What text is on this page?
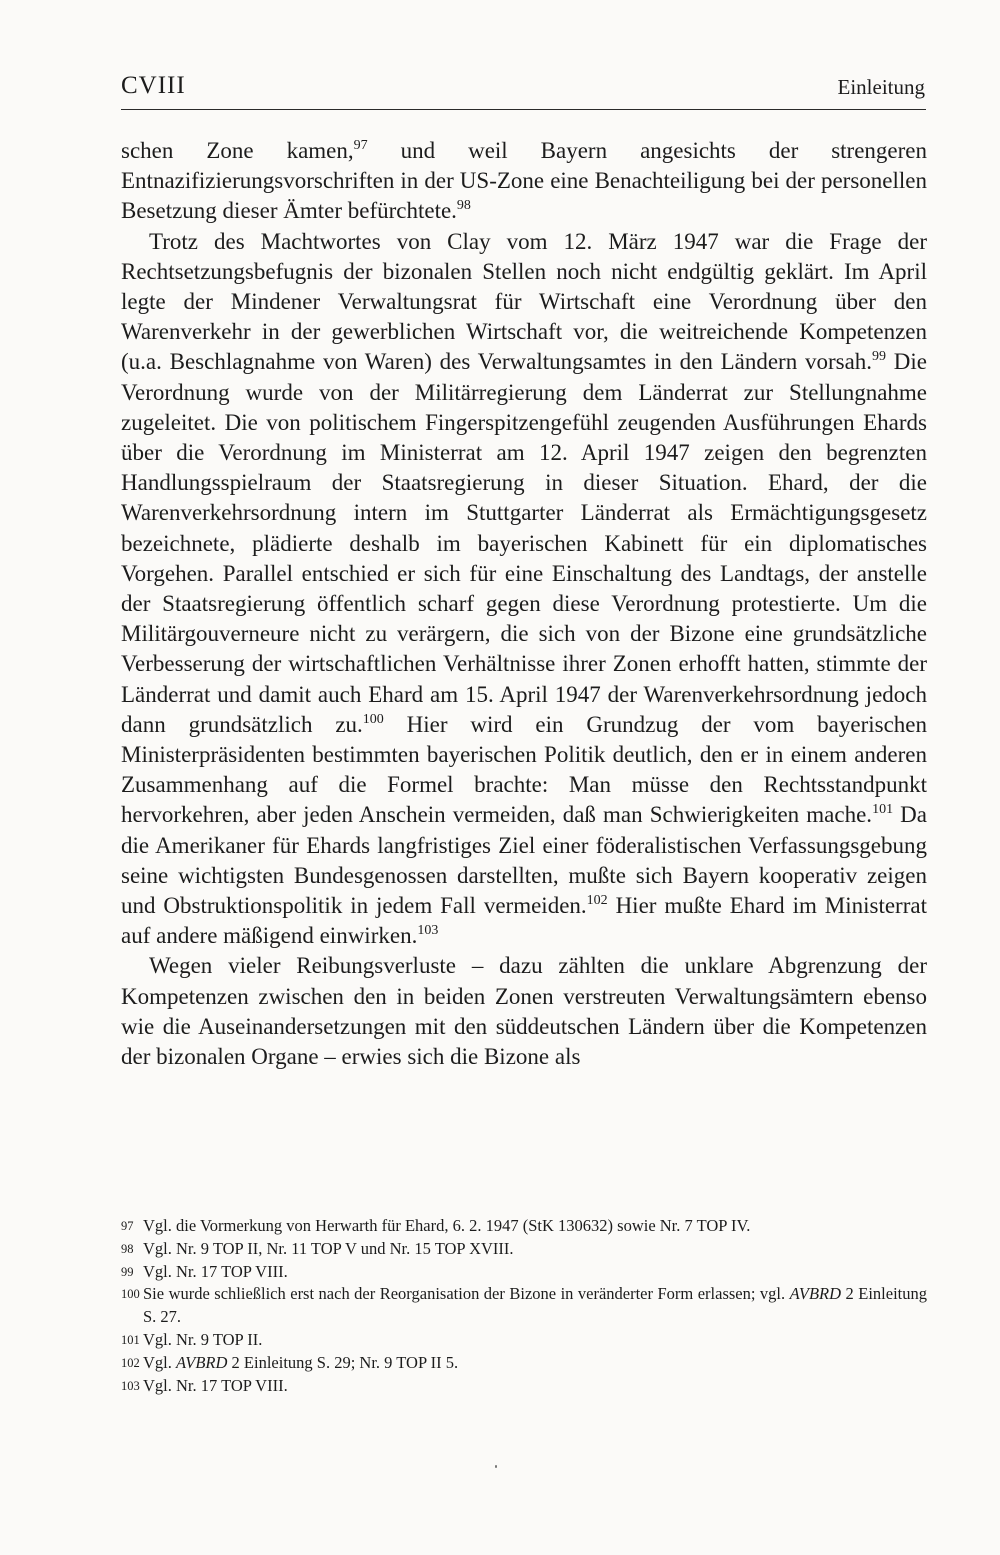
CVIII	Einleitung

schen Zone kamen,$^{97}$ und weil Bayern angesichts der strengeren Entnazifizierungsvorschriften in der US-Zone eine Benachteiligung bei der personellen Besetzung dieser Ämter befürchtete.$^{98}$

Trotz des Machtwortes von Clay vom 12. März 1947 war die Frage der Rechtsetzungsbefugnis der bizonalen Stellen noch nicht endgültig geklärt. Im April legte der Mindener Verwaltungsrat für Wirtschaft eine Verordnung über den Warenverkehr in der gewerblichen Wirtschaft vor, die weitreichende Kompetenzen (u.a. Beschlagnahme von Waren) des Verwaltungsamtes in den Ländern vorsah.$^{99}$ Die Verordnung wurde von der Militärregierung dem Länderrat zur Stellungnahme zugeleitet. Die von politischem Fingerspitzengefühl zeugenden Ausführungen Ehards über die Verordnung im Ministerrat am 12. April 1947 zeigen den begrenzten Handlungsspielraum der Staatsregierung in dieser Situation. Ehard, der die Warenverkehrsordnung intern im Stuttgarter Länderrat als Ermächtigungsgesetz bezeichnete, plädierte deshalb im bayerischen Kabinett für ein diplomatisches Vorgehen. Parallel entschied er sich für eine Einschaltung des Landtags, der anstelle der Staatsregierung öffentlich scharf gegen diese Verordnung protestierte. Um die Militärgouverneure nicht zu verärgern, die sich von der Bizone eine grundsätzliche Verbesserung der wirtschaftlichen Verhältnisse ihrer Zonen erhofft hatten, stimmte der Länderrat und damit auch Ehard am 15. April 1947 der Warenverkehrsordnung jedoch dann grundsätzlich zu.$^{100}$ Hier wird ein Grundzug der vom bayerischen Ministerpräsidenten bestimmten bayerischen Politik deutlich, den er in einem anderen Zusammenhang auf die Formel brachte: Man müsse den Rechtsstandpunkt hervorkehren, aber jeden Anschein vermeiden, daß man Schwierigkeiten mache.$^{101}$ Da die Amerikaner für Ehards langfristiges Ziel einer föderalistischen Verfassungsgebung seine wichtigsten Bundesgenossen darstellten, mußte sich Bayern kooperativ zeigen und Obstruktionspolitik in jedem Fall vermeiden.$^{102}$ Hier mußte Ehard im Ministerrat auf andere mäßigend einwirken.$^{103}$

Wegen vieler Reibungsverluste – dazu zählten die unklare Abgrenzung der Kompetenzen zwischen den in beiden Zonen verstreuten Verwaltungsämtern ebenso wie die Auseinandersetzungen mit den süddeutschen Ländern über die Kompetenzen der bizonalen Organe – erwies sich die Bizone als

97 Vgl. die Vormerkung von Herwarth für Ehard, 6. 2. 1947 (StK 130632) sowie Nr. 7 TOP IV.
98 Vgl. Nr. 9 TOP II, Nr. 11 TOP V und Nr. 15 TOP XVIII.
99 Vgl. Nr. 17 TOP VIII.
100 Sie wurde schließlich erst nach der Reorganisation der Bizone in veränderter Form erlassen; vgl. AVBRD 2 Einleitung S. 27.
101 Vgl. Nr. 9 TOP II.
102 Vgl. AVBRD 2 Einleitung S. 29; Nr. 9 TOP II 5.
103 Vgl. Nr. 17 TOP VIII.
